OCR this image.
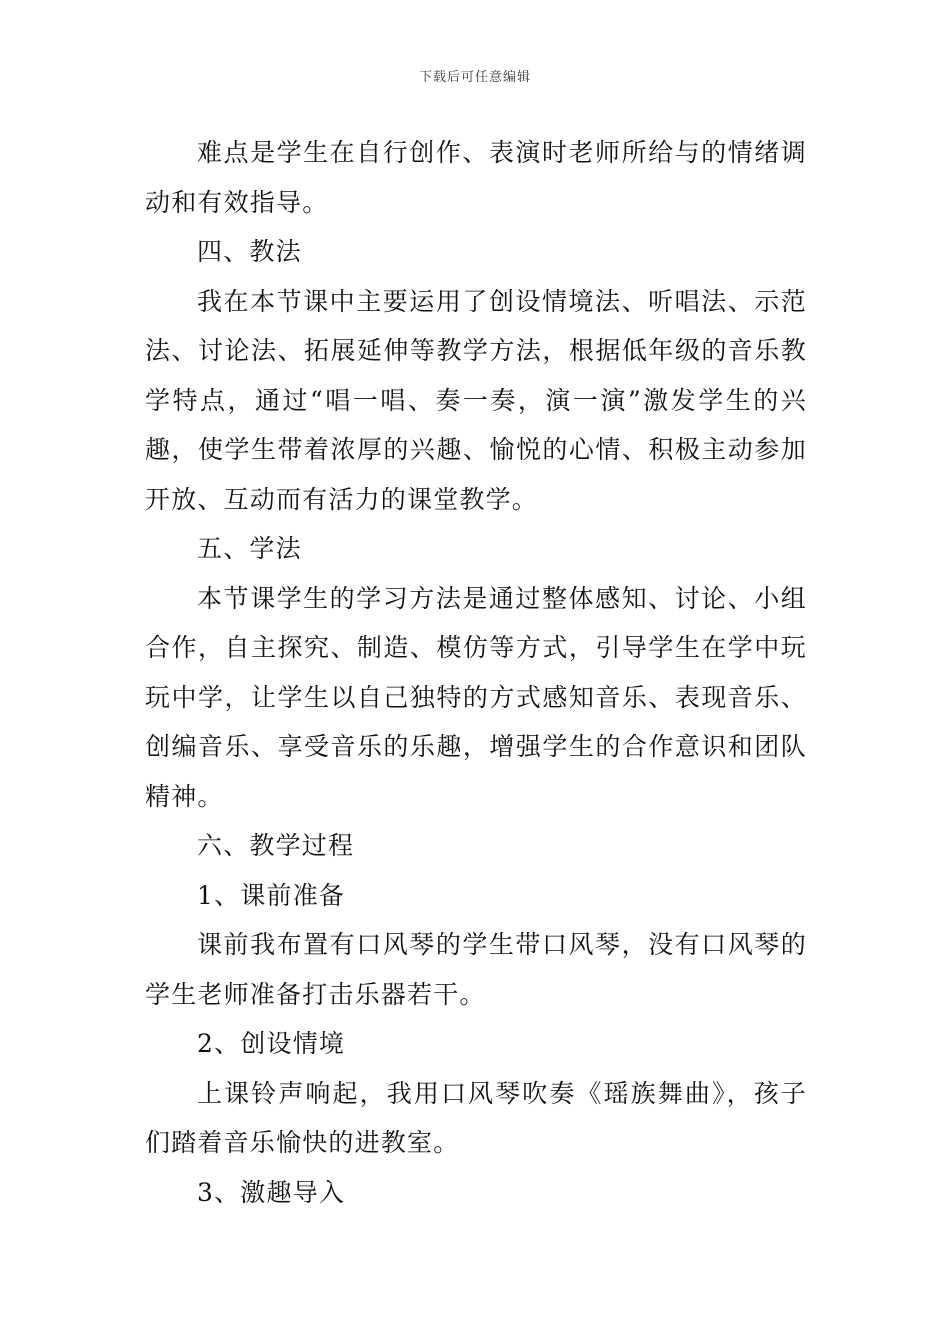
下载后可任意编辑

难点是学生在自行创作、表演时老师所给与的情绪调动和有效指导。

四、教法

我在本节课中主要运用了创设情境法、听唱法、示范法、讨论法、拓展延伸等教学方法，根据低年级的音乐教学特点，通过“唱一唱、奏一奏，演一演”激发学生的兴趣，使学生带着浓厚的兴趣、愉悦的心情、积极主动参加开放、互动而有活力的课堂教学。

五、学法

本节课学生的学习方法是通过整体感知、讨论、小组合作，自主探究、制造、模仿等方式，引导学生在学中玩玩中学，让学生以自己独特的方式感知音乐、表现音乐、创编音乐、享受音乐的乐趣，增强学生的合作意识和团队精神。

六、教学过程

1、课前准备

课前我布置有口风琴的学生带口风琴，没有口风琴的学生老师准备打击乐器若干。

2、创设情境

上课铃声响起，我用口风琴吹奏《瑶族舞曲》，孩子们踏着音乐愉快的进教室。

3、激趣导入
